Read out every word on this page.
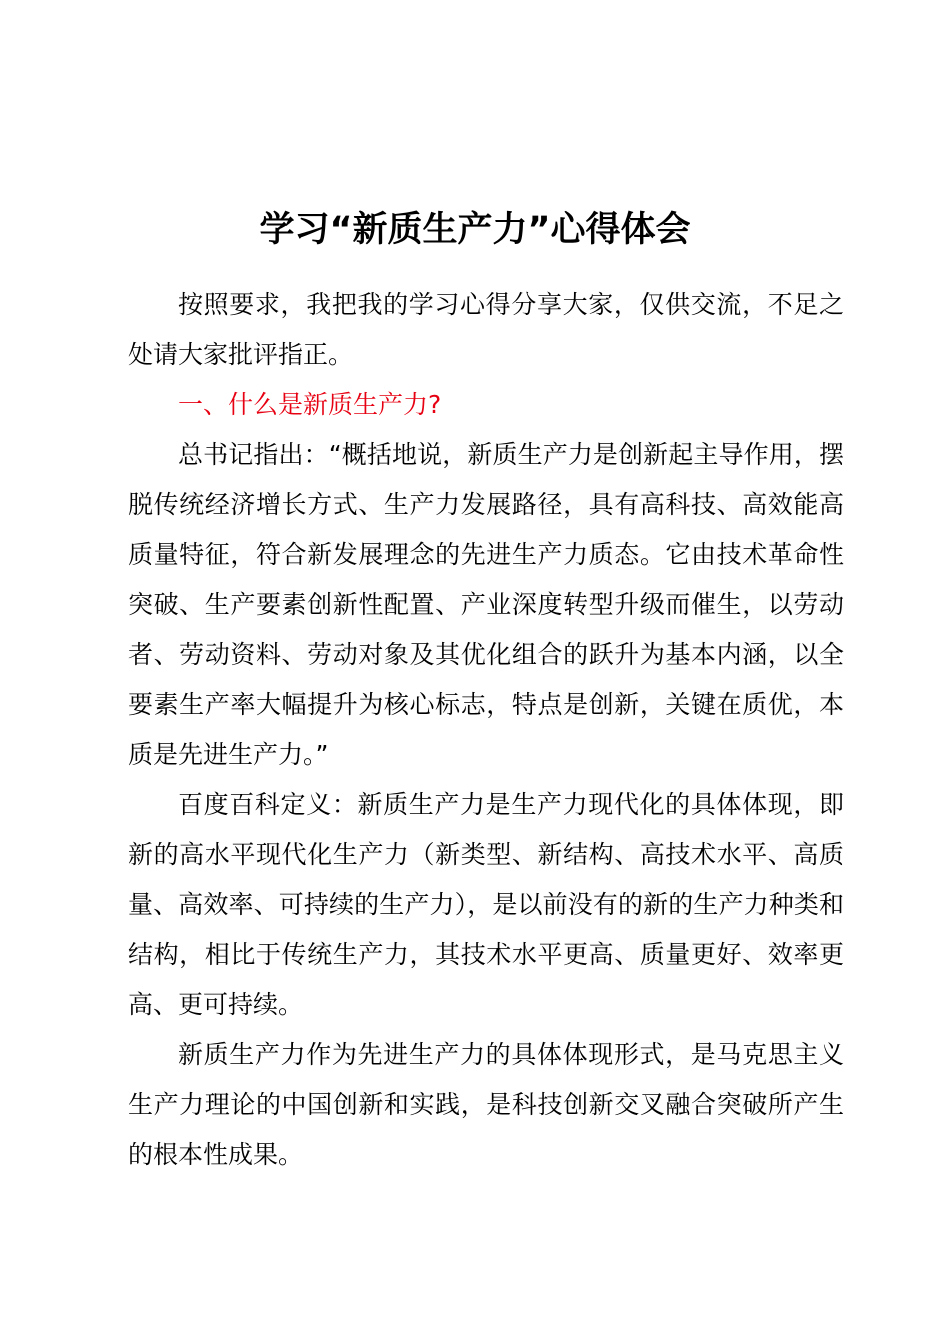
学习“新质生产力”心得体会

按照要求，我把我的学习心得分享大家，仅供交流，不足之处请大家批评指正。

一、什么是新质生产力?

总书记指出：“概括地说，新质生产力是创新起主导作用，摆脱传统经济增长方式、生产力发展路径，具有高科技、高效能高质量特征，符合新发展理念的先进生产力质态。它由技术革命性突破、生产要素创新性配置、产业深度转型升级而催生，以劳动者、劳动资料、劳动对象及其优化组合的跃升为基本内涵，以全要素生产率大幅提升为核心标志，特点是创新，关键在质优，本质是先进生产力。”

百度百科定义：新质生产力是生产力现代化的具体体现，即新的高水平现代化生产力（新类型、新结构、高技术水平、高质量、高效率、可持续的生产力），是以前没有的新的生产力种类和结构，相比于传统生产力，其技术水平更高、质量更好、效率更高、更可持续。

新质生产力作为先进生产力的具体体现形式，是马克思主义生产力理论的中国创新和实践，是科技创新交叉融合突破所产生的根本性成果。
